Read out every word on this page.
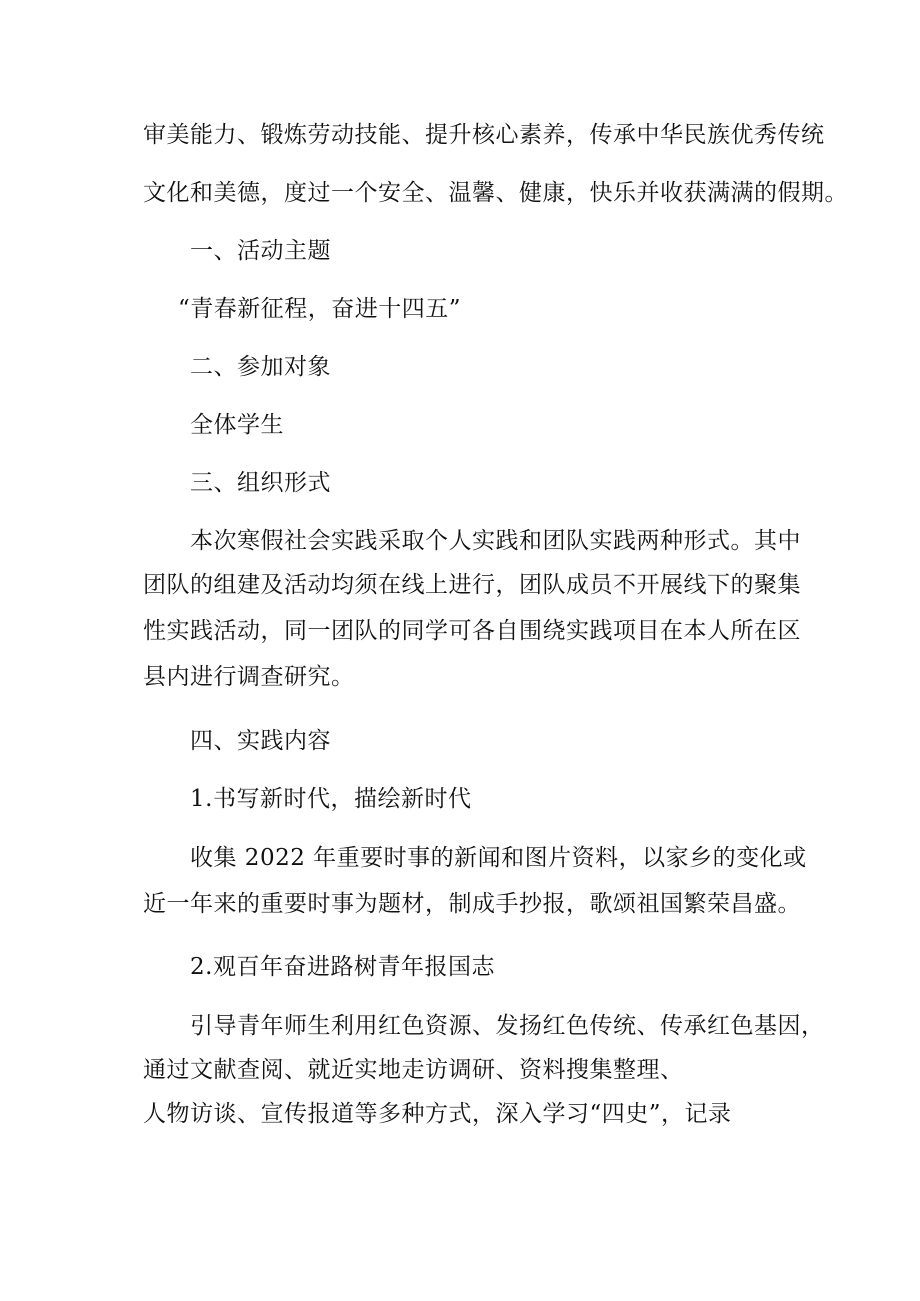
审美能力、锻炼劳动技能、提升核心素养，传承中华民族优秀传统
文化和美德，度过一个安全、温馨、健康，快乐并收获满满的假期。
一、活动主题
“青春新征程，奋进十四五”
二、参加对象
全体学生
三、组织形式
本次寒假社会实践采取个人实践和团队实践两种形式。其中
团队的组建及活动均须在线上进行，团队成员不开展线下的聚集
性实践活动，同一团队的同学可各自围绕实践项目在本人所在区
县内进行调查研究。
四、实践内容
1.书写新时代，描绘新时代
收集 2022 年重要时事的新闻和图片资料，以家乡的变化或
近一年来的重要时事为题材，制成手抄报，歌颂祖国繁荣昌盛。
2.观百年奋进路树青年报国志
引导青年师生利用红色资源、发扬红色传统、传承红色基因，
通过文献查阅、就近实地走访调研、资料搜集整理、
人物访谈、宣传报道等多种方式，深入学习“四史”，记录
